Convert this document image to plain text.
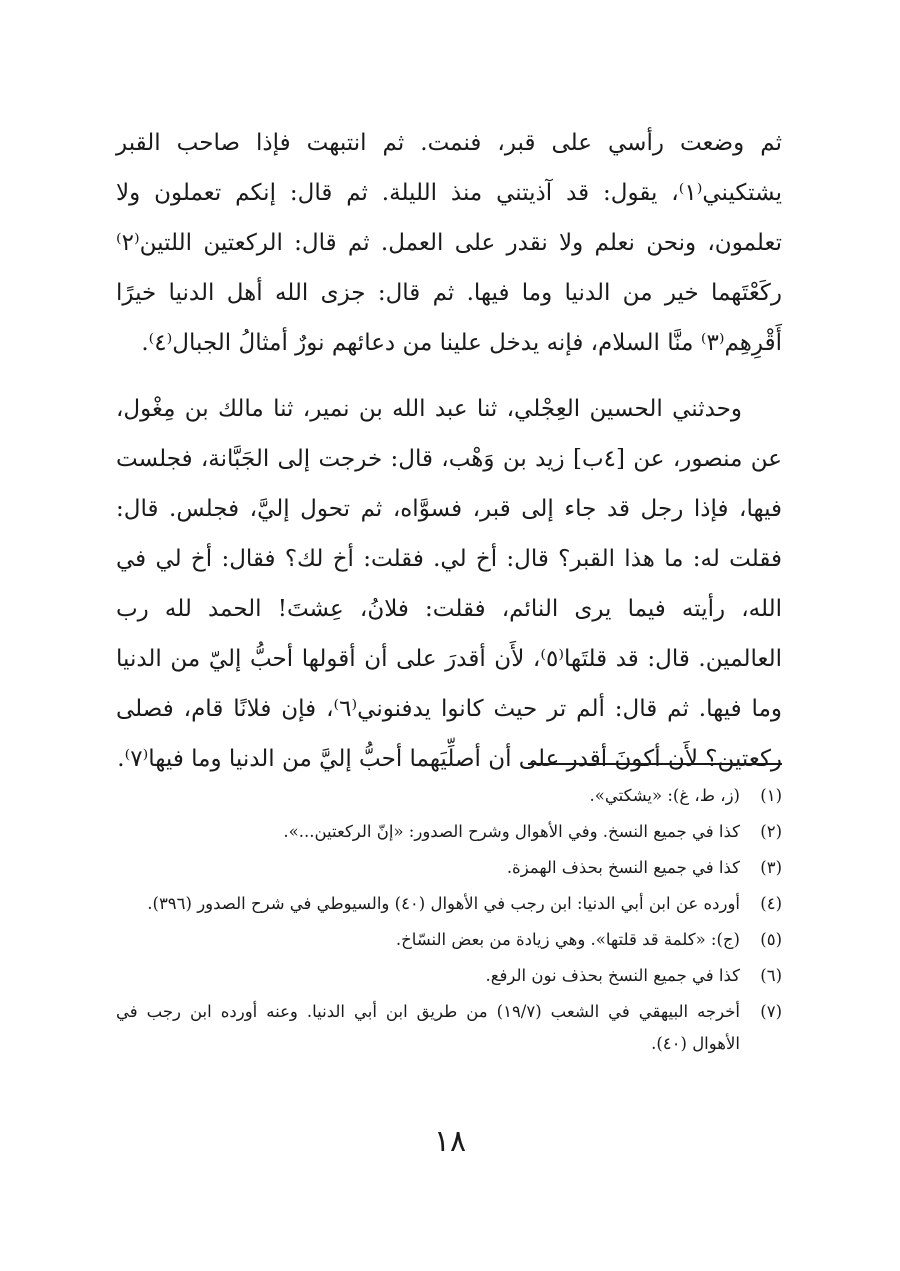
ثم وضعت رأسي على قبر، فنمت. ثم انتبهت فإذا صاحب القبر يشتكيني⁽١⁾، يقول: قد آذيتني منذ الليلة. ثم قال: إنكم تعملون ولا تعلمون، ونحن نعلم ولا نقدر على العمل. ثم قال: الركعتين اللتين⁽٢⁾ ركَعْتَهما خير من الدنيا وما فيها. ثم قال: جزى الله أهل الدنيا خيرًا أَقْرِهِم⁽٣⁾ منَّا السلام، فإنه يدخل علينا من دعائهم نورٌ أمثالُ الجبال⁽٤⁾.

وحدثني الحسين العِجْلي، ثنا عبد الله بن نمير، ثنا مالك بن مِغْول، عن منصور، عن [٤ب] زيد بن وَهْب، قال: خرجت إلى الجَبَّانة، فجلست فيها، فإذا رجل قد جاء إلى قبر، فسوَّاه، ثم تحول إليَّ، فجلس. قال: فقلت له: ما هذا القبر؟ قال: أخ لي. فقلت: أخ لك؟ فقال: أخ لي في الله، رأيته فيما يرى النائم، فقلت: فلانُ، عِشتَ! الحمد لله رب العالمين. قال: قد قلتَها⁽٥⁾، لأَن أقدرَ على أن أقولها أحبُّ إليّ من الدنيا وما فيها. ثم قال: ألم تر حيث كانوا يدفنوني⁽٦⁾، فإن فلانًا قام، فصلى ركعتين؟ لأَن أكونَ أقدر على أن أصلِّيَهما أحبُّ إليَّ من الدنيا وما فيها⁽٧⁾.

(١)
(ز، ط، غ): «يشكتي».
(٢)
كذا في جميع النسخ. وفي الأهوال وشرح الصدور: «إنّ الركعتين...».
(٣)
كذا في جميع النسخ بحذف الهمزة.
(٤)
أورده عن ابن أبي الدنيا: ابن رجب في الأهوال (٤٠) والسيوطي في شرح الصدور (٣٩٦).
(٥)
(ج): «كلمة قد قلتها». وهي زيادة من بعض النسّاخ.
(٦)
كذا في جميع النسخ بحذف نون الرفع.
(٧)
أخرجه البيهقي في الشعب (١٩/٧) من طريق ابن أبي الدنيا. وعنه أورده ابن رجب في الأهوال (٤٠).
١٨
